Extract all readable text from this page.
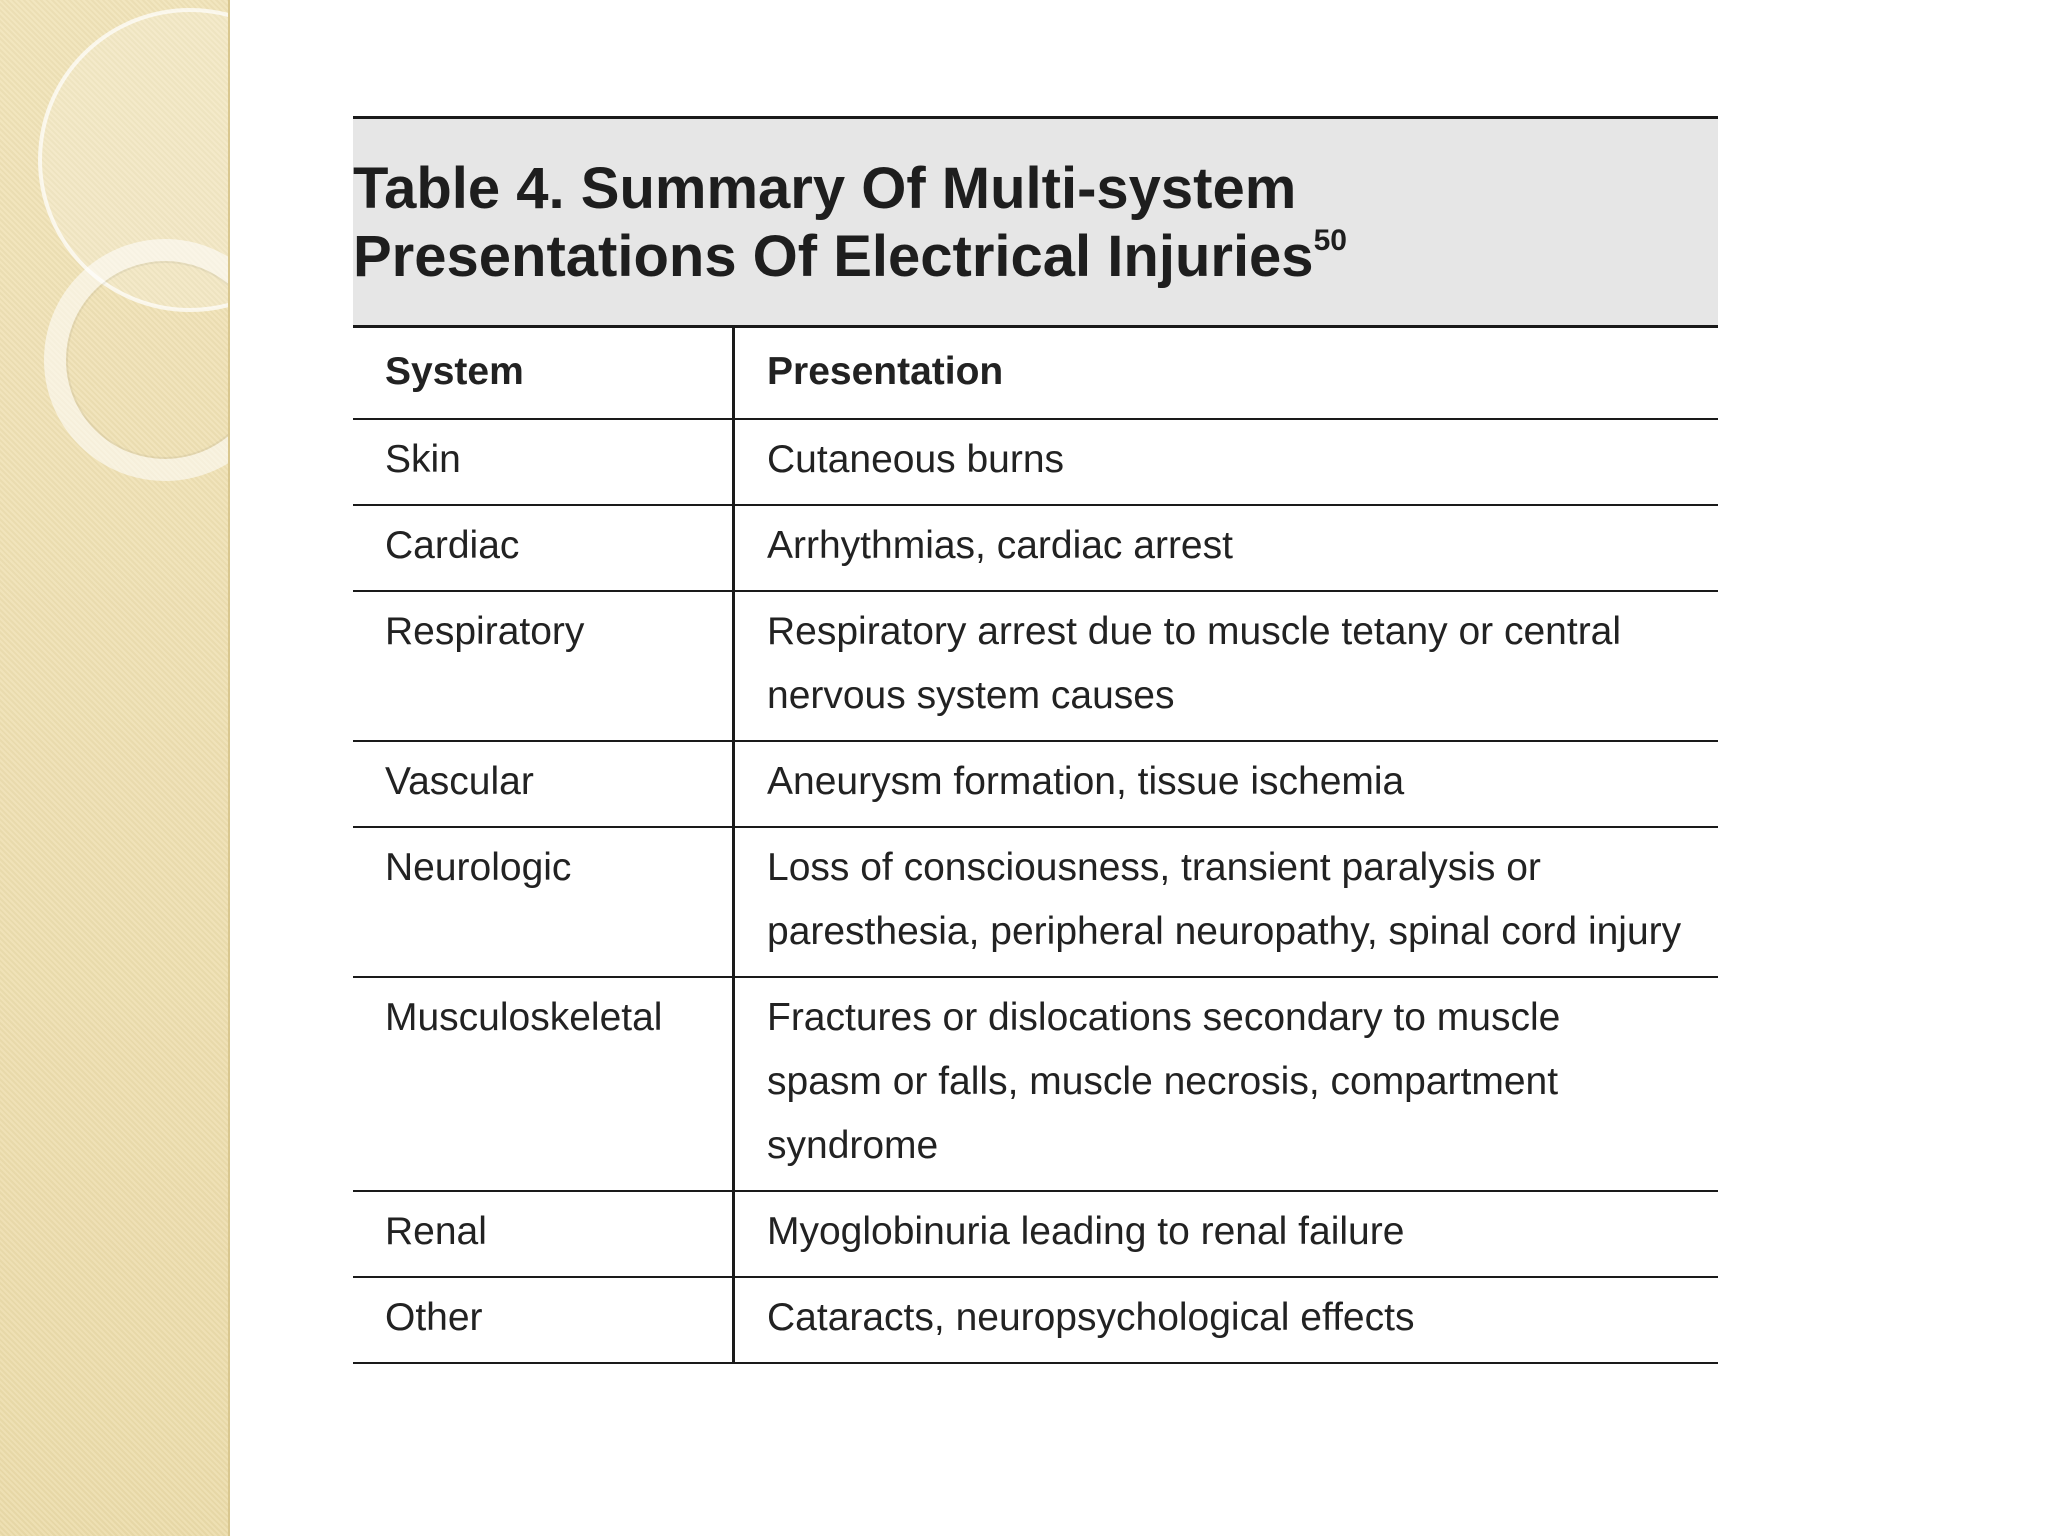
Table 4. Summary Of Multi-system Presentations Of Electrical Injuries$^{50}$

System	Presentation
Skin	Cutaneous burns
Cardiac	Arrhythmias, cardiac arrest
Respiratory	Respiratory arrest due to muscle tetany or central nervous system causes
Vascular	Aneurysm formation, tissue ischemia
Neurologic	Loss of consciousness, transient paralysis or paresthesia, peripheral neuropathy, spinal cord injury
Musculoskeletal	Fractures or dislocations secondary to muscle spasm or falls, muscle necrosis, compartment syndrome
Renal	Myoglobinuria leading to renal failure
Other	Cataracts, neuropsychological effects
